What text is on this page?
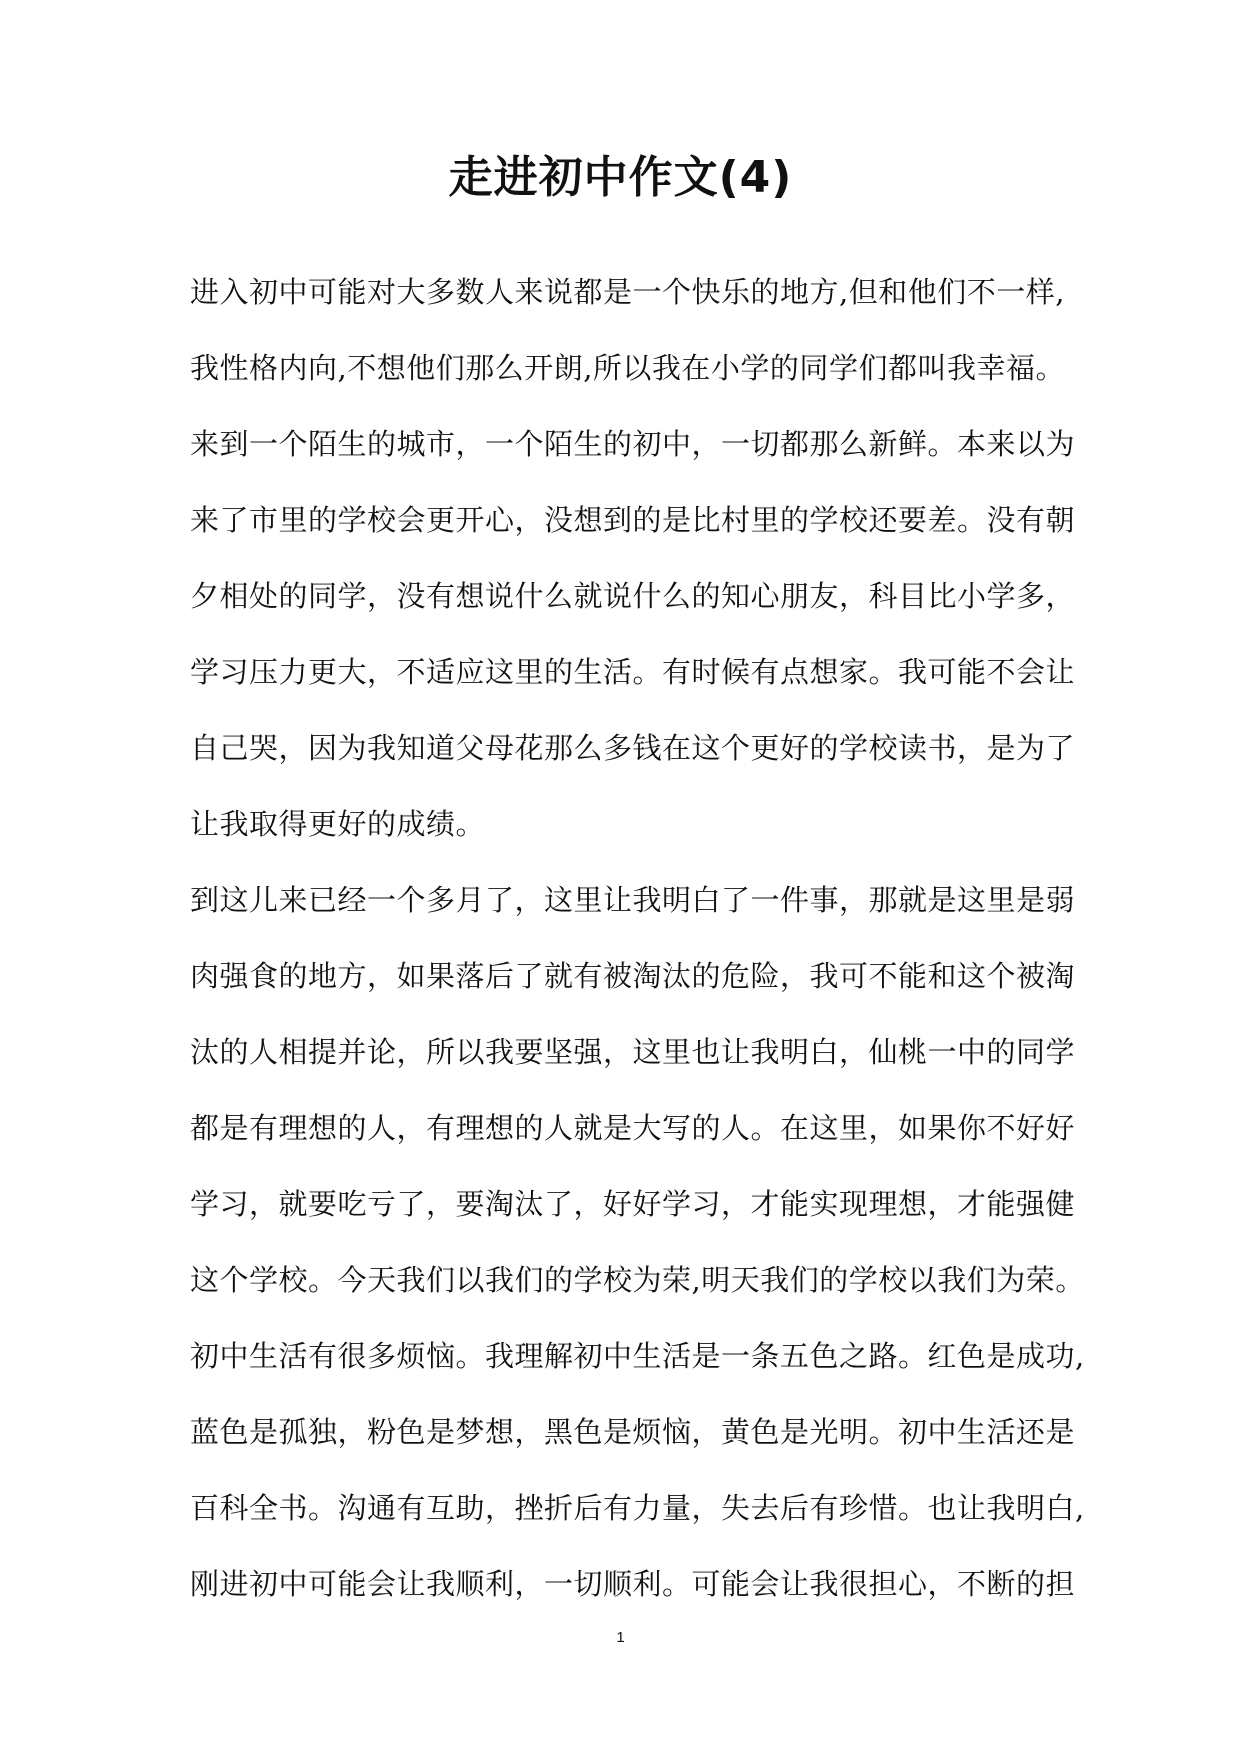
走进初中作文(4)
进入初中可能对大多数人来说都是一个快乐的地方,但和他们不一样,
我性格内向,不想他们那么开朗,所以我在小学的同学们都叫我幸福。
来到一个陌生的城市，一个陌生的初中，一切都那么新鲜。本来以为
来了市里的学校会更开心，没想到的是比村里的学校还要差。没有朝
夕相处的同学，没有想说什么就说什么的知心朋友，科目比小学多，
学习压力更大，不适应这里的生活。有时候有点想家。我可能不会让
自己哭，因为我知道父母花那么多钱在这个更好的学校读书，是为了
让我取得更好的成绩。
到这儿来已经一个多月了，这里让我明白了一件事，那就是这里是弱
肉强食的地方，如果落后了就有被淘汰的危险，我可不能和这个被淘
汰的人相提并论，所以我要坚强，这里也让我明白，仙桃一中的同学
都是有理想的人，有理想的人就是大写的人。在这里，如果你不好好
学习，就要吃亏了，要淘汰了，好好学习，才能实现理想，才能强健
这个学校。今天我们以我们的学校为荣,明天我们的学校以我们为荣。
初中生活有很多烦恼。我理解初中生活是一条五色之路。红色是成功,
蓝色是孤独，粉色是梦想，黑色是烦恼，黄色是光明。初中生活还是
百科全书。沟通有互助，挫折后有力量，失去后有珍惜。也让我明白,
刚进初中可能会让我顺利，一切顺利。可能会让我很担心，不断的担
1
